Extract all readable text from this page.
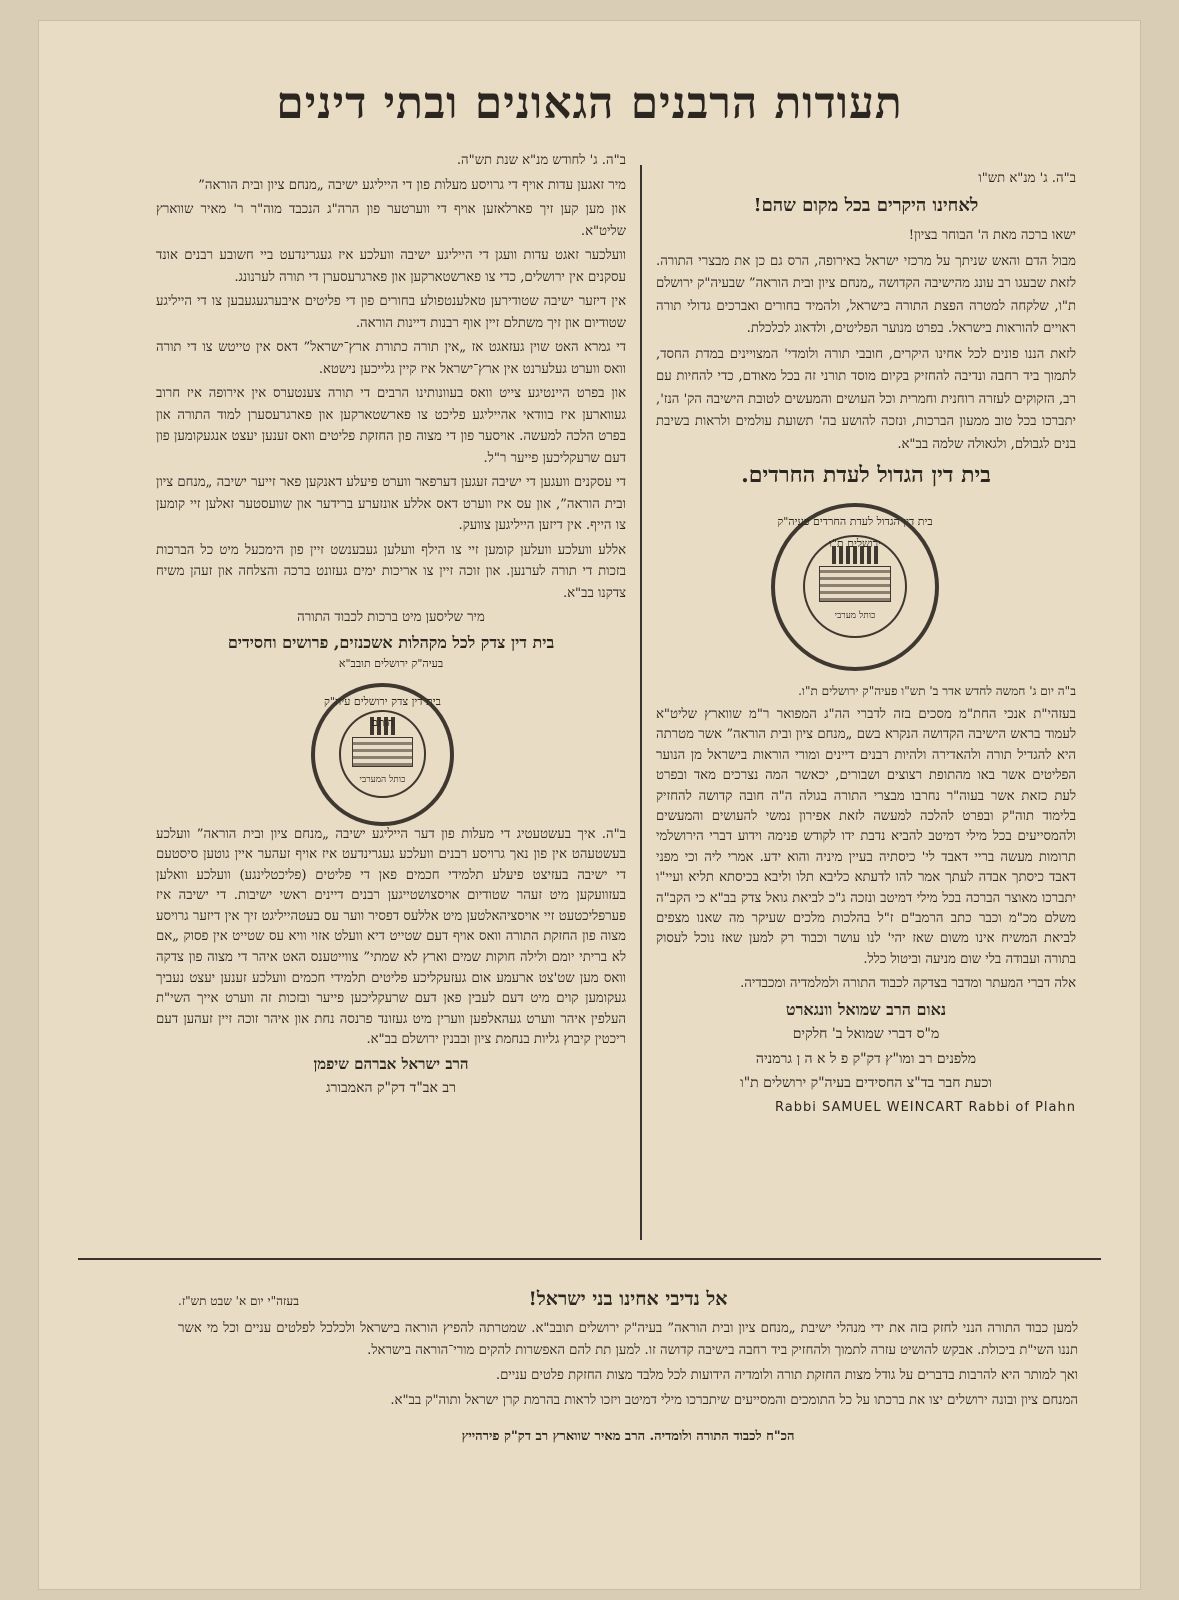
תעודות הרבנים הגאונים ובתי דינים

ב"ה. ג' מנ"א תש"ו

לאחינו היקרים בכל מקום שהם!

ישאו ברכה מאת ה' הבוחר בציון!

מבול הדם והאש שניתך על מרכזי ישראל באירופה, הרס גם כן את מבצרי התורה. לזאת שבעגו רב עונג מהישיבה הקדושה „מנחם ציון ובית הוראה” שבעיה"ק ירושלם ת"ו, שלקחה למטרה הפצת התורה בישראל, ולהמיד בחורים ואברכים גדולי תורה ראויים להוראות בישראל. בפרט מנוער הפליטים, ולדאוג לכלכלת.

לזאת הננו פונים לכל אחינו היקרים, חובבי תורה ולומדי' המצויינים במדת החסד, לתמוך ביד רחבה ונדיבה להחזיק בקיום מוסד תורני זה בכל מאודם, כדי להחיות עם רב, הזקוקים לעזרה רוחנית וחמרית וכל העושים והמעשים לטובת הישיבה הק' הנז', יתברכו בכל טוב ממעון הברכות, ונזכה להושע בה' תשועת עולמים ולראות בשיבת בנים לגבולם, ולגאולה שלמה בב"א.

בית דין הגדול לעדת החרדים.
כותל מערבי
בית דין הגדול לעדת החרדים פעיה"ק ירושלים ת"ו

ב"ה יום ג' חמשה לחדש אדר ב' תש"ו פעיה"ק ירושלים ת"ו.

בעזהי"ת אנכי החת"מ מסכים בזה לדברי הה"ג המפואר ר"מ שווארץ שליט"א לעמוד בראש הישיבה הקדושה הנקרא בשם „מנחם ציון ובית הוראה” אשר מטרתה היא להגדיל תורה ולהאדירה ולהיות רבנים דיינים ומורי הוראות בישראל מן הנוער הפליטים אשר באו מהתופת רצוצים ושבורים, יכאשר המה נצרכים מאד ובפרט לעת כזאת אשר בעוה"ר נחרבו מבצרי התורה בגולה ה"ה חובה קדושה להחזיק בלימוד תוה"ק ובפרט להלכה למעשה לזאת אפירון נמשי להעושים והמעשים ולהמסייעים בכל מילי דמיטב להביא נדבת ידו לקודש פנימה וידוע דברי הירושלמי תרומות מעשה בריי דאבד לי' כיסתיה בעיין מיניה והוא ידע. אמרי ליה וכי מפני דאבד כיסתך אבדה לעתך אמר להו לדעתא כליבא תלו וליבא בכיסתא תליא ועיי"ו יתברכו מאוצר הברכה בכל מילי דמיטב ונזכה ג"כ לביאת גואל צדק בב"א כי הקב"ה משלם מכ"מ וכבר כתב הרמב"ם ז"ל בהלכות מלכים שעיקר מה שאנו מצפים לביאת המשיח אינו משום שאז יהי' לנו עושר וכבוד רק למען שאז נוכל לעסוק בתורה ועבודה בלי שום מניעה וביטול כלל.

אלה דברי המעתר ומדבר בצדקה לכבוד התורה ולמלמדיה ומכבדיה.

נאום הרב שמואל וונגארט
מ"ס דברי שמואל ב' חלקים
מלפנים רב ומו"ץ דק"ק פ ל א ה ן גרמניה
וכעת חבר בד"צ החסידים בעיה"ק ירושלים ת"ו
Rabbi SAMUEL WEINCART Rabbi of Plahn

ב"ה. ג' לחודש מנ"א שנת תש"ה.

מיר זאגען עדות אויף די גרויסע מעלות פון די הייליגע ישיבה „מנחם ציון ובית הוראה”

און מען קען זיך פארלאזען אויף די ווערטער פון הרה"ג הנכבד מוה"ר ר' מאיר שווארץ שליט"א.

וועלכער זאגט עדות וועגן די הייליגע ישיבה וועלכע איז געגרינדעט ביי חשובע רבנים אונד עסקנים אין ירושלים, כדי צו פארשטארקען און פארגרעסערן די תורה לערנונג.

אין דיזער ישיבה שטודירען טאלענטפולע בחורים פון די פליטים איבערגעגעבען צו די הייליגע שטודיום און זיך משתלם זיין אוף רבנות דיינות הוראה.

די גמרא האט שוין געזאגט אז „אין תורה כתורת ארץ־ישראל” דאס אין טייטש צו די תורה וואס ווערט געלערנט אין ארץ־ישראל איז קיין גלייכען נישטא.

און בפרט היינטיגע צייט וואס בעוונותינו הרבים די תורה צענטערס אין אירופה איז חרוב געווארען איז בוודאי אהייליגע פליכט צו פארשטארקען און פארגרעסערן למוד התורה און בפרט הלכה למעשה. אויסער פון די מצוה פון החזקת פליטים וואס זענען יעצט אנגעקומען פון דעם שרעקליכען פייער ר"ל.

די עסקנים וועגען די ישיבה זעגען דערפאר ווערט פיעלע דאנקען פאר זייער ישיבה „מנחם ציון ובית הוראה”, און עס איז ווערט דאס אללע אונזערע ברידער און שוועסטער זאלען זיי קומען צו הייף. אין דיזען הייליגען צוועק.

אללע וועלכע וועלען קומען זיי צו הילף וועלען געבענשט זיין פון הימכעל מיט כל הברכות בזכות די תורה לערנען. און זוכה זיין צו אריכות ימים געזונט ברכה והצלחה און זעהן משיח צדקנו בב"א.

מיר שליסען מיט ברכות לכבוד התורה

בית דין צדק לכל מקהלות אשכנזים, פרושים וחסידים
בעיה"ק ירושלים תובב"א
כותל המערבי
בית דין צדק ירושלים עיה"ק חותם

ב"ה. איך בעשטעטיג די מעלות פון דער הייליגע ישיבה „מנחם ציון ובית הוראה” וועלכע בעשטעהט אין פון נאך גרויסע רבנים וועלכע געגרינדעט איז אויף זעהער איין גוטען סיסטעם די ישיבה בעזיצט פיעלע תלמידי חכמים פאן די פליטים (פליכטלינגע) וועלכע וואלען בעזוועקען מיט זעהר שטודיום אויסצושטייגען רבנים דיינים ראשי ישיבות. די ישיבה איז פערפליכטעט זיי אויסציהאלטען מיט אללעס דפסיר ווער עס בעטהייליגט זיך אין דיזער גרויסע מצוה פון החזקת התורה וואס אויף דעם שטייט דיא וועלט אזוי וויא עס שטייט אין פסוק „אם לא בריתי יומם ולילה חוקות שמים וארץ לא שמתי” צווייטענס האט איהר די מצוה פון צדקה וואס מען שט'צט ארעמע אום געזעקליכע פליטים תלמידי חכמים וועלכע זענען יעצט נעביך געקומען קוים מיט דעם לעבין פאן דעם שרעקליכען פייער ובזכות זה ווערט אייך השי"ת העלפין איהר ווערט געהאלפען ווערין מיט געזונד פרנסה נחת און איהר זוכה זיין זעהען דעם ריכטין קיבוץ גליות בנחמת ציון ובבנין ירושלם בב"א.

הרב ישראל אברהם שיפמן
רב אב"ד דק"ק האמבורג
בעזה"י יום א' שבט תש"ז.	אל נדיבי אחינו בני ישראל!

למען כבוד התורה הנני לחזק בזה את ידי מנהלי ישיבת „מנחם ציון ובית הוראה” בעיה"ק ירושלים תובב"א. שמטרתה להפיץ הוראה בישראל ולכלכל לפלטים עניים וכל מי אשר תננו השי"ת ביכולת. אבקש להושיט עזרה לתמוך ולהחזיק ביד רחבה בישיבה קדושה זו. למען תת להם האפשרות להקים מורי־הוראה בישראל.

ואך למותר היא להרבות בדברים על גודל מצות החזקת תורה ולומדיה הידועות לכל מלבד מצות החזקת פלטים עניים.

המנחם ציון ובונה ירושלים יצו את ברכתו על כל התומכים והמסייעים שיתברכו מילי דמיטב ויזכו לראות בהרמת קרן ישראל ותוה"ק בב"א.

הכ"ח לכבוד התורה ולומדיה. הרב מאיר שווארץ רב דק"ק פירהייץ
